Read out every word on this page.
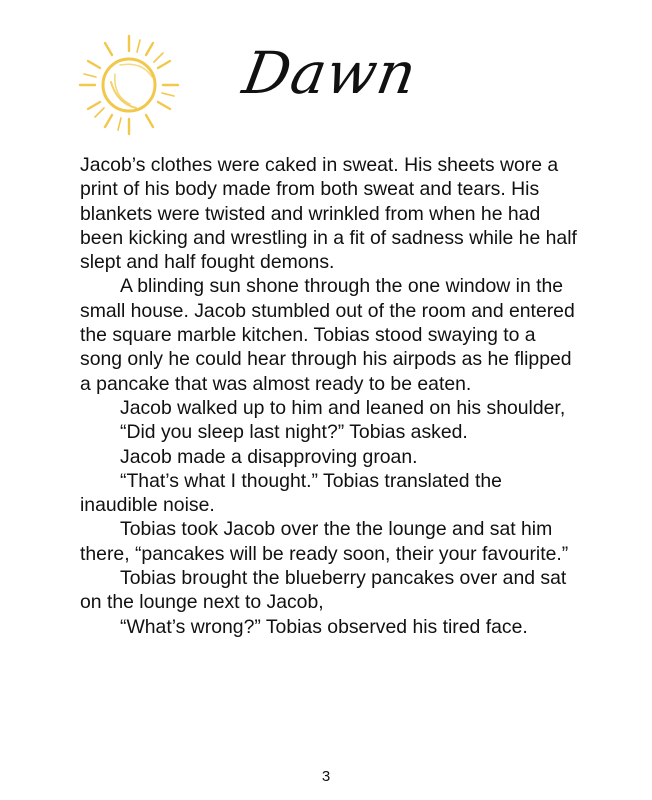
Dawn

Jacob’s clothes were caked in sweat. His sheets wore a print of his body made from both sweat and tears. His blankets were twisted and wrinkled from when he had been kicking and wrestling in a fit of sadness while he half slept and half fought demons.

A blinding sun shone through the one window in the small house. Jacob stumbled out of the room and entered the square marble kitchen. Tobias stood swaying to a song only he could hear through his airpods as he flipped a pancake that was almost ready to be eaten.

Jacob walked up to him and leaned on his shoulder,

“Did you sleep last night?” Tobias asked.

Jacob made a disapproving groan.

“That’s what I thought.” Tobias translated the inaudible noise.

Tobias took Jacob over the the lounge and sat him there, “pancakes will be ready soon, their your favourite.”

Tobias brought the blueberry pancakes over and sat on the lounge next to Jacob,

“What’s wrong?” Tobias observed his tired face.

3
